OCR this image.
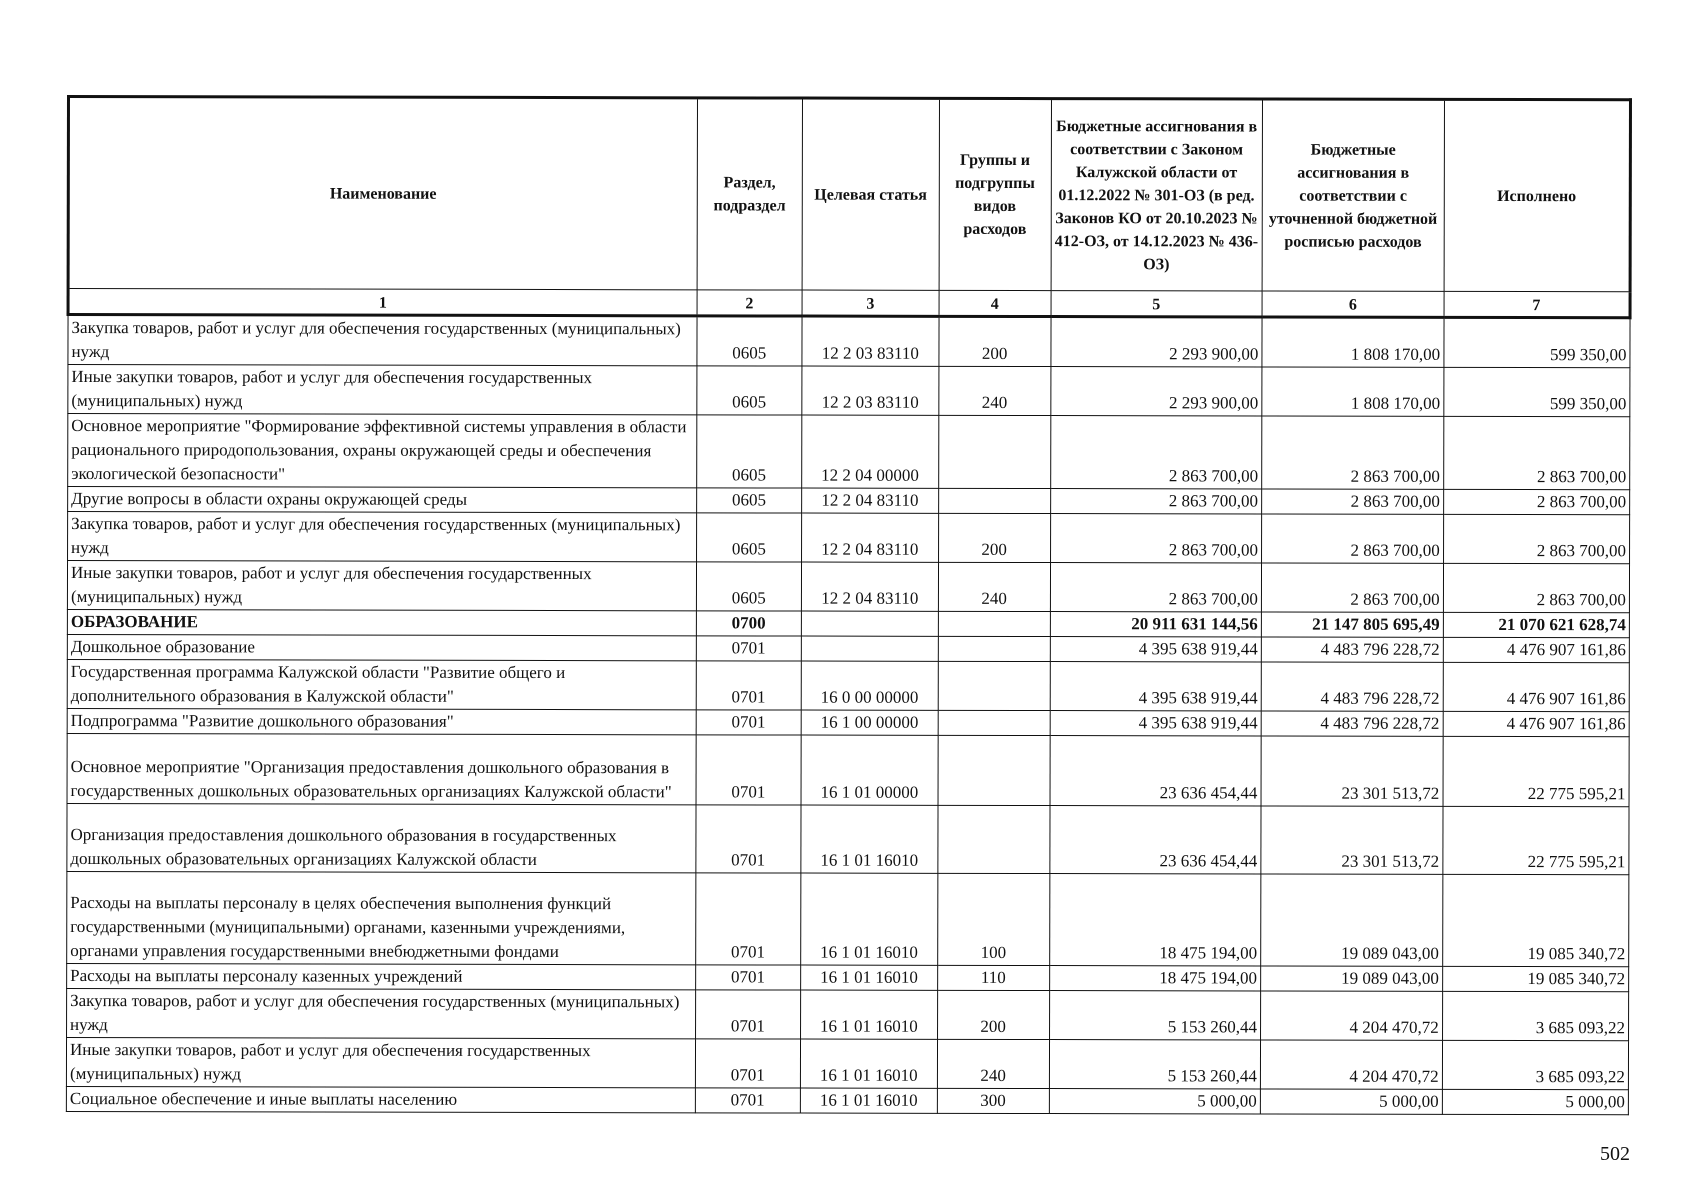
Наименование	Раздел, подраздел	Целевая статья	Группы и подгруппы видов расходов	Бюджетные ассигнования в соответствии с Законом Калужской области от 01.12.2022 № 301-ОЗ (в ред. Законов КО от 20.10.2023 № 412-ОЗ, от 14.12.2023 № 436-ОЗ)	Бюджетные ассигнования в соответствии с уточненной бюджетной росписью расходов	Исполнено
1	2	3	4	5	6	7
Закупка товаров, работ и услуг для обеспечения государственных (муниципальных) нужд	0605	12 2 03 83110	200	2 293 900,00	1 808 170,00	599 350,00
Иные закупки товаров, работ и услуг для обеспечения государственных (муниципальных) нужд	0605	12 2 03 83110	240	2 293 900,00	1 808 170,00	599 350,00
Основное мероприятие "Формирование эффективной системы управления в области рационального природопользования, охраны окружающей среды и обеспечения экологической безопасности"	0605	12 2 04 00000		2 863 700,00	2 863 700,00	2 863 700,00
Другие вопросы в области охраны окружающей среды	0605	12 2 04 83110		2 863 700,00	2 863 700,00	2 863 700,00
Закупка товаров, работ и услуг для обеспечения государственных (муниципальных) нужд	0605	12 2 04 83110	200	2 863 700,00	2 863 700,00	2 863 700,00
Иные закупки товаров, работ и услуг для обеспечения государственных (муниципальных) нужд	0605	12 2 04 83110	240	2 863 700,00	2 863 700,00	2 863 700,00
ОБРАЗОВАНИЕ	0700			20 911 631 144,56	21 147 805 695,49	21 070 621 628,74
Дошкольное образование	0701			4 395 638 919,44	4 483 796 228,72	4 476 907 161,86
Государственная программа Калужской области "Развитие общего и дополнительного образования в Калужской области"	0701	16 0 00 00000		4 395 638 919,44	4 483 796 228,72	4 476 907 161,86
Подпрограмма "Развитие дошкольного образования"	0701	16 1 00 00000		4 395 638 919,44	4 483 796 228,72	4 476 907 161,86
Основное мероприятие "Организация предоставления дошкольного образования в государственных дошкольных образовательных организациях Калужской области"	0701	16 1 01 00000		23 636 454,44	23 301 513,72	22 775 595,21
Организация предоставления дошкольного образования в государственных дошкольных образовательных организациях Калужской области	0701	16 1 01 16010		23 636 454,44	23 301 513,72	22 775 595,21
Расходы на выплаты персоналу в целях обеспечения выполнения функций государственными (муниципальными) органами, казенными учреждениями, органами управления государственными внебюджетными фондами	0701	16 1 01 16010	100	18 475 194,00	19 089 043,00	19 085 340,72
Расходы на выплаты персоналу казенных учреждений	0701	16 1 01 16010	110	18 475 194,00	19 089 043,00	19 085 340,72
Закупка товаров, работ и услуг для обеспечения государственных (муниципальных) нужд	0701	16 1 01 16010	200	5 153 260,44	4 204 470,72	3 685 093,22
Иные закупки товаров, работ и услуг для обеспечения государственных (муниципальных) нужд	0701	16 1 01 16010	240	5 153 260,44	4 204 470,72	3 685 093,22
Социальное обеспечение и иные выплаты населению	0701	16 1 01 16010	300	5 000,00	5 000,00	5 000,00
502
